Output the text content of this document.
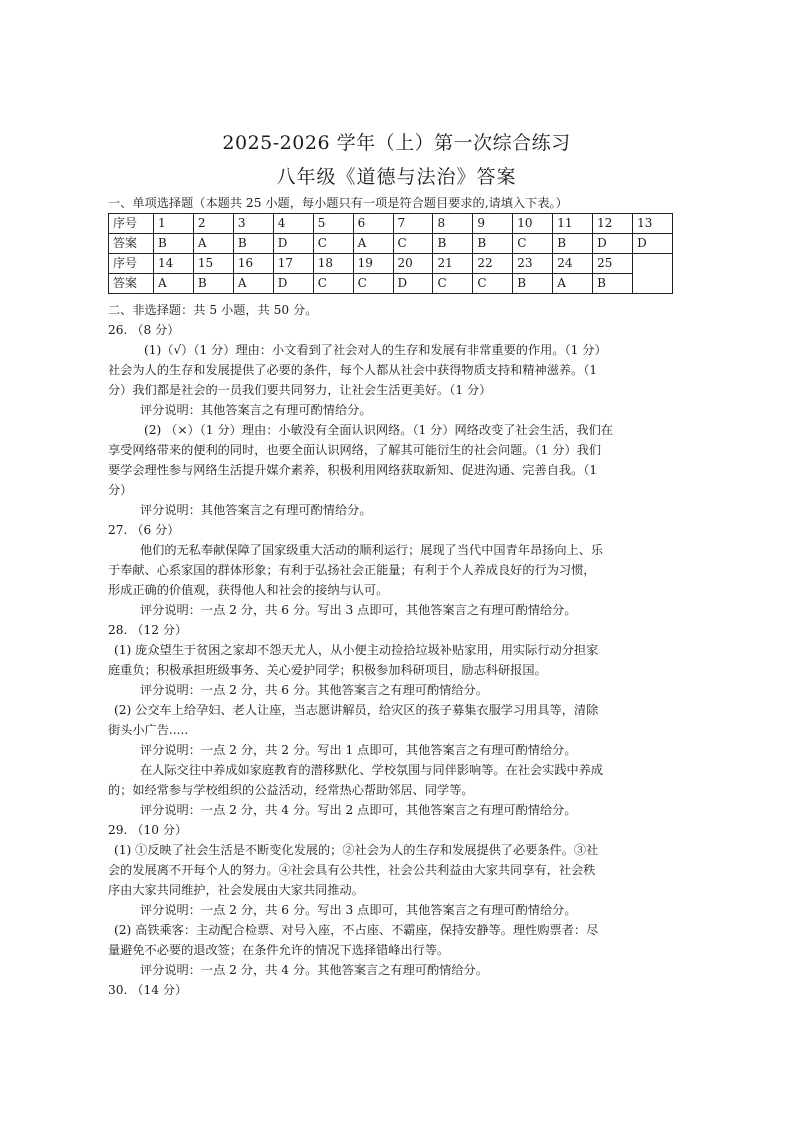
2025-2026 学年（上）第一次综合练习
八年级《道德与法治》答案
一、单项选择题（本题共 25 小题，每小题只有一项是符合题目要求的,请填入下表。）
序号	1	2	3	4	5	6	7	8	9	10	11	12	13
答案	B	A	B	D	C	A	C	B	B	C	B	D	D
序号	14	15	16	17	18	19	20	21	22	23	24	25	
答案	A	B	A	D	C	C	D	C	C	B	A	B	
二、非选择题：共 5 小题，共 50 分。
26. （8 分）
(1)（√）（1 分）理由：小文看到了社会对人的生存和发展有非常重要的作用。（1 分）
社会为人的生存和发展提供了必要的条件，每个人都从社会中获得物质支持和精神滋养。（1
分）我们都是社会的一员我们要共同努力，让社会生活更美好。（1 分）
评分说明：其他答案言之有理可酌情给分。
(2) （×）（1 分）理由：小敏没有全面认识网络。（1 分）网络改变了社会生活，我们在
享受网络带来的便利的同时，也要全面认识网络，了解其可能衍生的社会问题。（1 分）我们
要学会理性参与网络生活提升媒介素养，积极利用网络获取新知、促进沟通、完善自我。（1
分）
评分说明：其他答案言之有理可酌情给分。
27. （6 分）
他们的无私奉献保障了国家级重大活动的顺利运行；展现了当代中国青年昂扬向上、乐
于奉献、心系家国的群体形象；有利于弘扬社会正能量；有利于个人养成良好的行为习惯，
形成正确的价值观，获得他人和社会的接纳与认可。
评分说明：一点 2 分，共 6 分。写出 3 点即可，其他答案言之有理可酌情给分。
28. （12 分）
(1) 庞众望生于贫困之家却不怨天尤人，从小便主动捡拾垃圾补贴家用，用实际行动分担家
庭重负；积极承担班级事务、关心爱护同学；积极参加科研项目，励志科研报国。
评分说明：一点 2 分，共 6 分。其他答案言之有理可酌情给分。
(2) 公交车上给孕妇、老人让座，当志愿讲解员，给灾区的孩子募集衣服学习用具等，清除
街头小广告.....
评分说明：一点 2 分，共 2 分。写出 1 点即可，其他答案言之有理可酌情给分。
在人际交往中养成如家庭教育的潜移默化、学校氛围与同伴影响等。在社会实践中养成
的；如经常参与学校组织的公益活动，经常热心帮助邻居、同学等。
评分说明：一点 2 分，共 4 分。写出 2 点即可，其他答案言之有理可酌情给分。
29. （10 分）
(1) ①反映了社会生活是不断变化发展的；②社会为人的生存和发展提供了必要条件。③社
会的发展离不开每个人的努力。④社会具有公共性，社会公共利益由大家共同享有，社会秩
序由大家共同维护，社会发展由大家共同推动。
评分说明：一点 2 分，共 6 分。写出 3 点即可，其他答案言之有理可酌情给分。
(2) 高铁乘客：主动配合检票、对号入座，不占座、不霸座，保持安静等。理性购票者：尽
量避免不必要的退改签；在条件允许的情况下选择错峰出行等。
评分说明：一点 2 分，共 4 分。其他答案言之有理可酌情给分。
30. （14 分）
